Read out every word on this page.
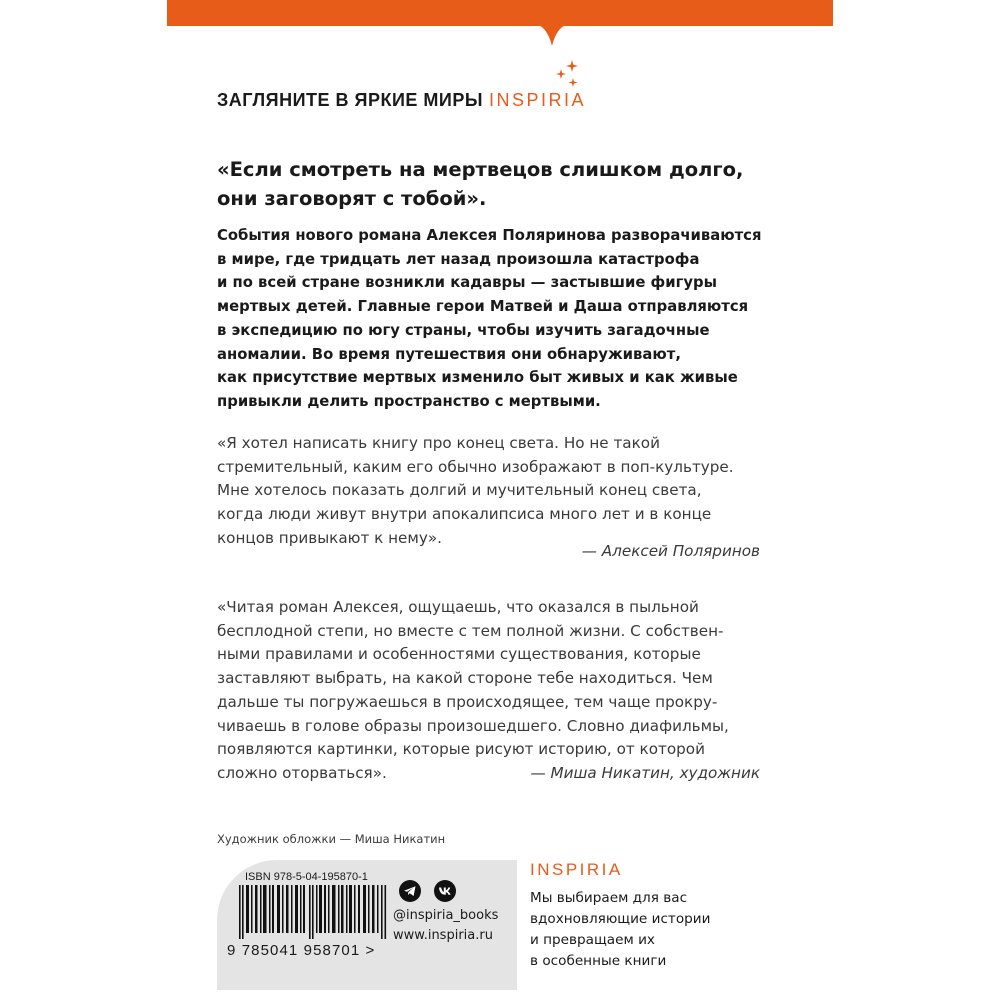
ЗАГЛЯНИТЕ В ЯРКИЕ МИРЫ INSPIRIA
«Если смотреть на мертвецов слишком долго,
они заговорят с тобой».
События нового романа Алексея Поляринова разворачиваются
в мире, где тридцать лет назад произошла катастрофа
и по всей стране возникли кадавры — застывшие фигуры
мертвых детей. Главные герои Матвей и Даша отправляются
в экспедицию по югу страны, чтобы изучить загадочные
аномалии. Во время путешествия они обнаруживают,
как присутствие мертвых изменило быт живых и как живые
привыкли делить пространство с мертвыми.
«Я хотел написать книгу про конец света. Но не такой
стремительный, каким его обычно изображают в поп-культуре.
Мне хотелось показать долгий и мучительный конец света,
когда люди живут внутри апокалипсиса много лет и в конце
концов привыкают к нему».
— Алексей Поляринов
«Читая роман Алексея, ощущаешь, что оказался в пыльной
бесплодной степи, но вместе с тем полной жизни. С собствен-
ными правилами и особенностями существования, которые
заставляют выбрать, на какой стороне тебе находиться. Чем
дальше ты погружаешься в происходящее, тем чаще прокру-
чиваешь в голове образы произошедшего. Словно диафильмы,
появляются картинки, которые рисуют историю, от которой
сложно оторваться».	— Миша Никатин, художник
Художник обложки — Миша Никатин
ISBN 978-5-04-195870-1
9 785041 958701 >

@inspiria_books
www.inspiria.ru
INSPIRIA
Мы выбираем для вас
вдохновляющие истории
и превращаем их
в особенные книги
